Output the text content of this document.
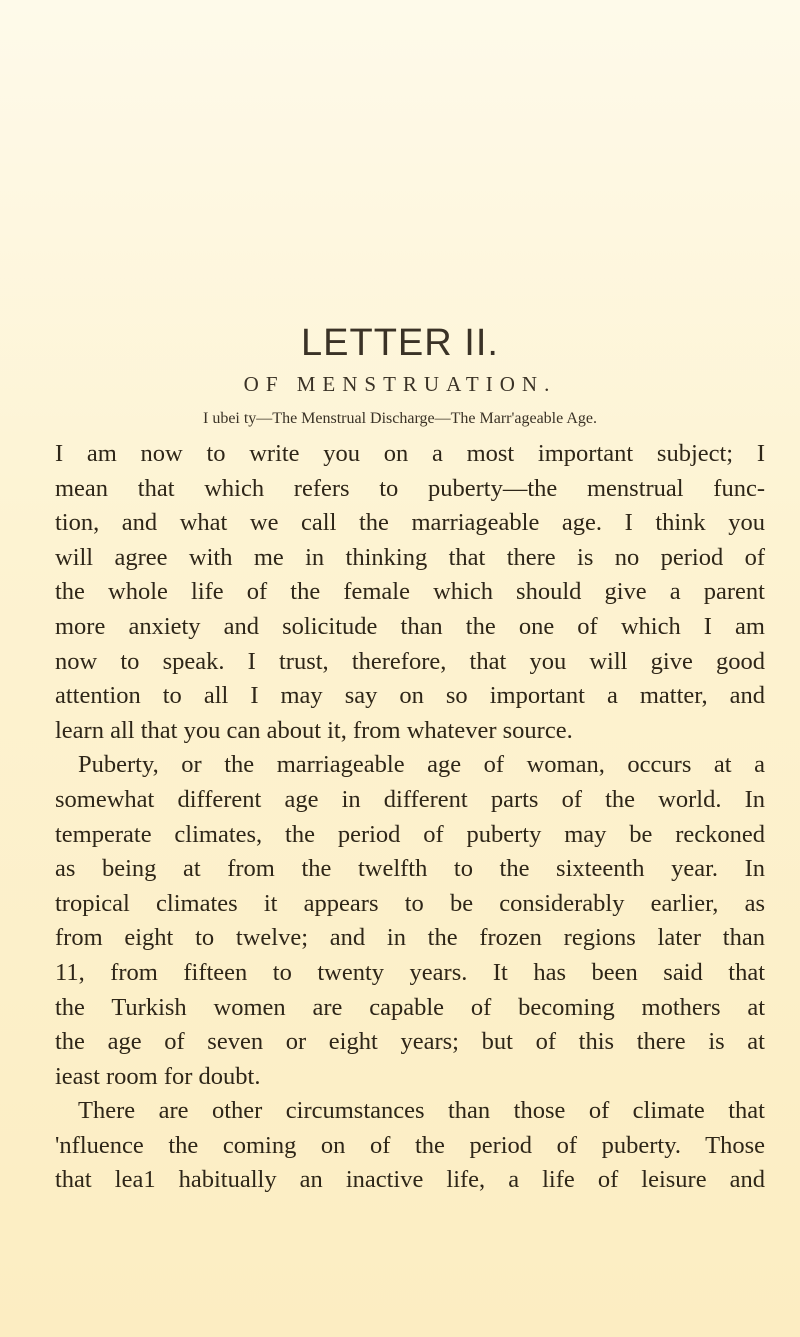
LETTER II.
OF MENSTRUATION.
I ubei ty—The Menstrual Discharge—The Marr'ageable Age.
I am now to write you on a most important subject; I
mean that which refers to puberty—the menstrual func-
tion, and what we call the marriageable age. I think you
will agree with me in thinking that there is no period of
the whole life of the female which should give a parent
more anxiety and solicitude than the one of which I am
now to speak. I trust, therefore, that you will give good
attention to all I may say on so important a matter, and
learn all that you can about it, from whatever source.
Puberty, or the marriageable age of woman, occurs at a
somewhat different age in different parts of the world. In
temperate climates, the period of puberty may be reckoned
as being at from the twelfth to the sixteenth year. In
tropical climates it appears to be considerably earlier, as
from eight to twelve; and in the frozen regions later than
11, from fifteen to twenty years. It has been said that
the Turkish women are capable of becoming mothers at
the age of seven or eight years; but of this there is at
ieast room for doubt.
There are other circumstances than those of climate that
'nfluence the coming on of the period of puberty. Those
that lea1 habitually an inactive life, a life of leisure and
